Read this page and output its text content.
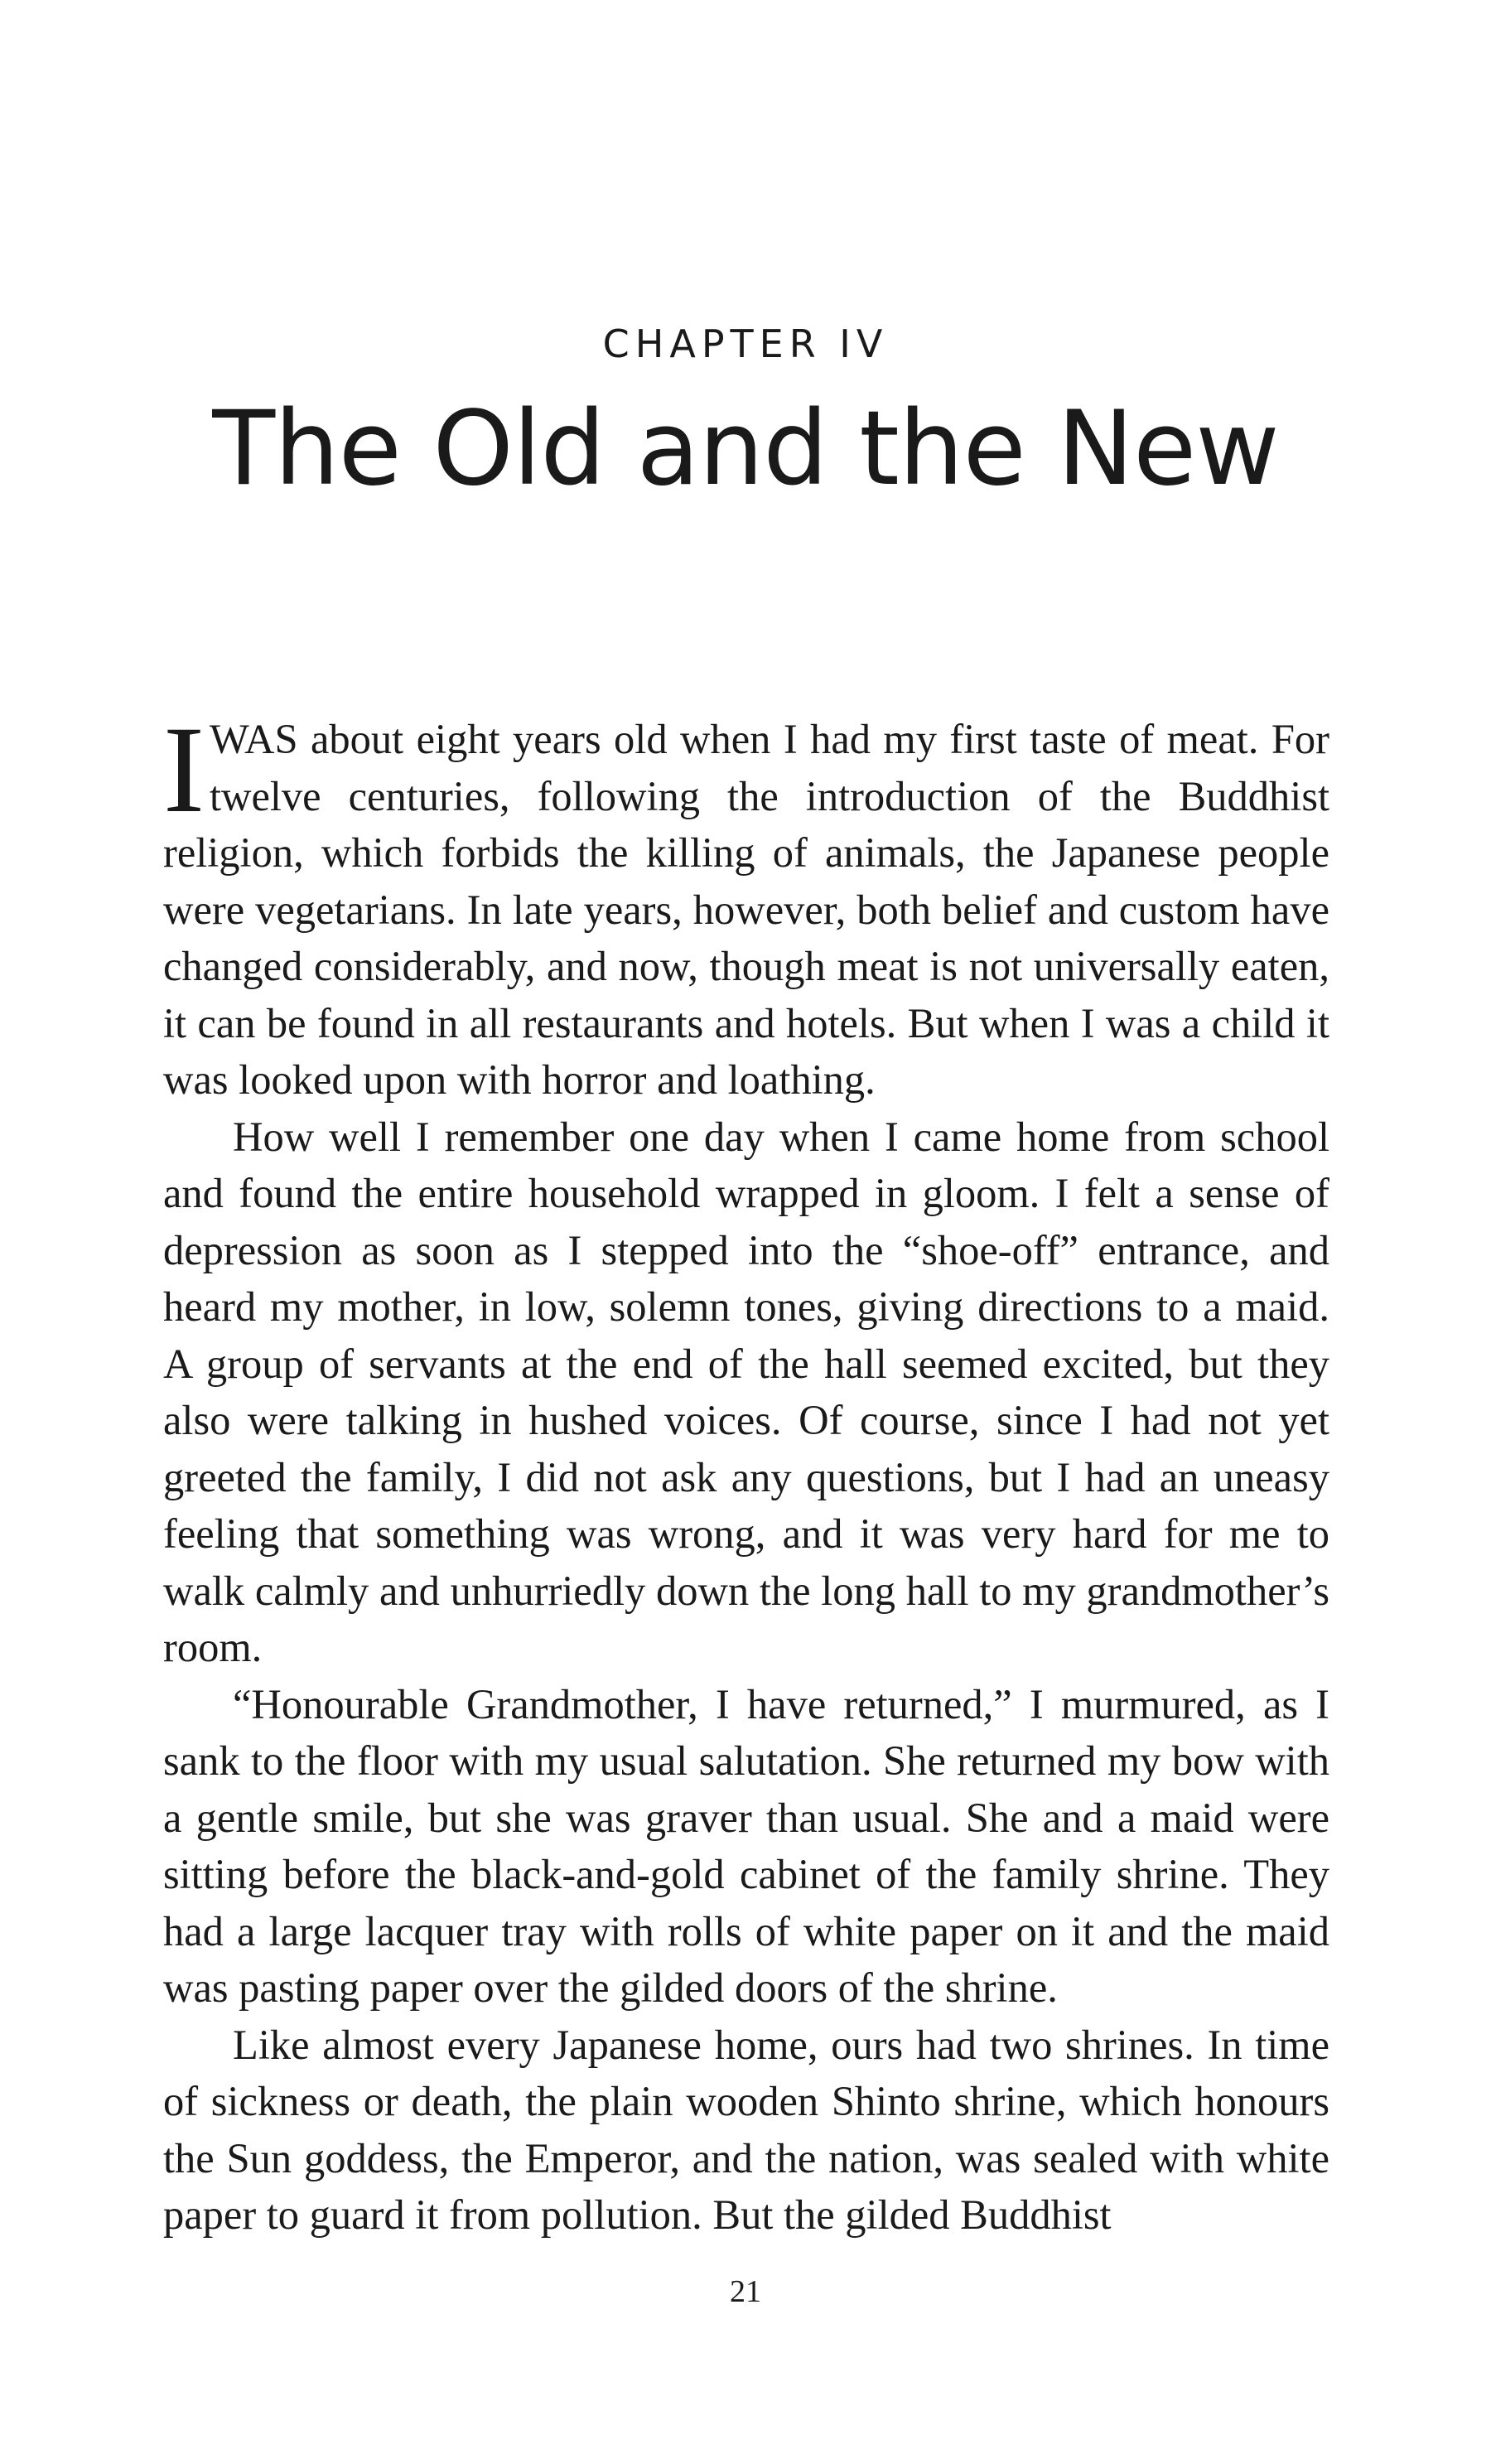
CHAPTER IV
The Old and the New

IWAS about eight years old when I had my first taste of meat. For twelve centuries, following the introduction of the Buddhist religion, which forbids the killing of animals, the Japanese people were vegetarians. In late years, however, both belief and custom have changed considerably, and now, though meat is not universally eaten, it can be found in all restaurants and hotels. But when I was a child it was looked upon with horror and loathing.

How well I remember one day when I came home from school and found the entire household wrapped in gloom. I felt a sense of depression as soon as I stepped into the “shoe-off” entrance, and heard my mother, in low, solemn tones, giving directions to a maid. A group of servants at the end of the hall seemed excited, but they also were talking in hushed voices. Of course, since I had not yet greeted the family, I did not ask any questions, but I had an uneasy feeling that something was wrong, and it was very hard for me to walk calmly and unhurriedly down the long hall to my grandmother’s room.

“Honourable Grandmother, I have returned,” I murmured, as I sank to the floor with my usual salutation. She returned my bow with a gentle smile, but she was graver than usual. She and a maid were sitting before the black-and-gold cabinet of the family shrine. They had a large lacquer tray with rolls of white paper on it and the maid was pasting paper over the gilded doors of the shrine.

Like almost every Japanese home, ours had two shrines. In time of sickness or death, the plain wooden Shinto shrine, which honours the Sun goddess, the Emperor, and the nation, was sealed with white paper to guard it from pollution. But the gilded Buddhist

21
